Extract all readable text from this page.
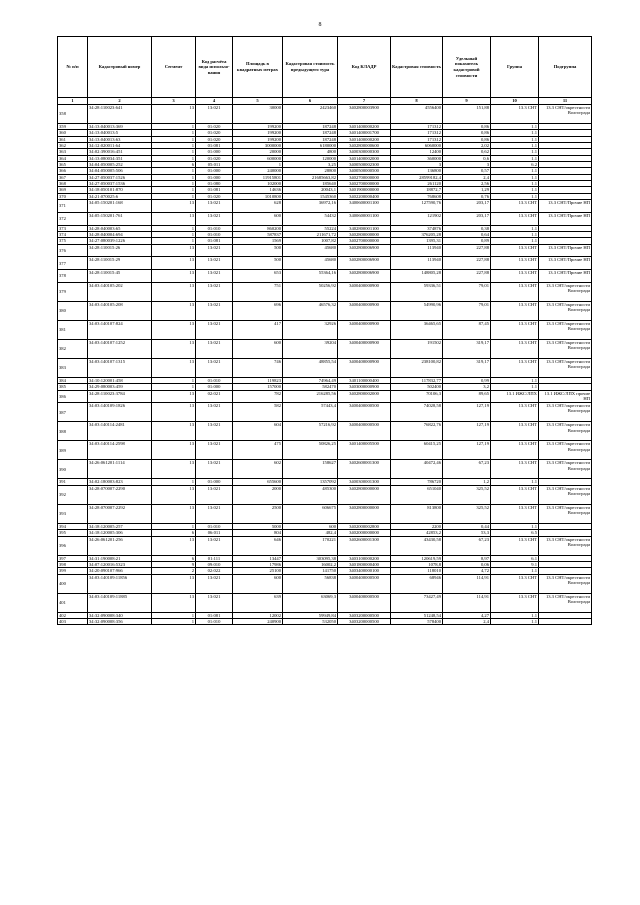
8
№ п/п	Кадастровый номер	Сегмент	Код расчёта вида использо-вания	Площадь в квадратных метрах	Кадастровая стоимость предыдущего тура	Код КЛАДР	Кадастровая стоимость	Удельный показатель кадастровой стоимости	Группа	Подгруппа
1	2	3	4	5	6	7	8	9	10	11
358	34:28:110023:641	13	13:021	30000	2423460	3402800003900	4556400	151,88	13.3 СНТ	13.3 СНТ/окрестности Волгограда
359	34:13:040013:369	1	01:020	199200	187248	3401400000200	171312	0,86	1.1	
360	34:13:040013:5	1	01:020	199200	187248	3401400001700	171312	0,86	1.1	
361	34:13:040013:63	1	01:020	199200	187248	3401400000200	171312	0,86	1.1	
362	34:12:020011:64	1	01:081	3000000	6180000	3402800000600	6060000	2,02	1.1	
363	34:02:390016:451	1	01:000	20000	4800	3400300000300	12400	0,62	1.1	
364	34:13:080034:351	1	01:020	600000	120000	3401400002000	360000	0,6	1.1	
365	34:04:050005:252	6	05:011	1	3,25	3400500002300	3	3	6.2	
366	34:04:050005:506	1	01:000	240000	28800	3400500000500	136800	0,57	1.1	
367	34:27:050037:1526	1	01:000	11915801	21685663,82	3402700000000	28599182,4	2,4	1.1	
368	34:27:050037:1536	1	01:080	102000	185640	3402700000000	261120	2,56	1.1	
369	34:18:050101:870	1	01:081	14636	20043,1	3401900000000	18872,7	1,29	1.1	
370	34:21:070025:6	1	01:020	1010800	1545360	3402200000400	768608	0,76	1.1	
371	34:05:150201:168	13	13:021	628	36972,16	3400600001100	127590,76	203,17	13.3 СНТ	13.3 СНТ/Прочие НП
372	34:05:150201:761	13	13:021	600	54432	3400600001100	121902	203,17	13.3 СНТ	13.3 СНТ/Прочие НП
373	34:28:040003:65	1	01:010	860200	55224	3402800001100	374876	0,38	1.1	
374	34:28:040004:694	1	01:010	587837	211671,72	3402800000000	376205,28	0,64	1.1	
375	34:27:080039:1226	1	01:081	1569	1007,82	3402700000000	1395,31	0,89	1.1	
376	34:28:110015:26	13	13:021	500	45680	3402800006900	113940	227,88	13.3 СНТ	13.3 СНТ/Прочие НП
377	34:28:110015:29	13	13:021	500	45680	3402800006900	113940	227,88	13.3 СНТ	13.3 СНТ/Прочие НП
378	34:28:110015:45	13	13:021	653	55364,16	3402800006900	148805,28	227,88	13.3 СНТ	13.3 СНТ/Прочие НП
379	34:03:140105:202	13	13:021	751	50256,92	3400400000900	59336,51	79,01	13.3 СНТ	13.3 СНТ/окрестности Волгограда
380	34:03:140105:208	13	13:021	696	46576,32	3400400000900	54990,96	79,01	13.3 СНТ	13.3 СНТ/окрестности Волгограда
381	34:03:140107:824	13	13:021	417	32926	3400400000900	36465,65	87,45	13.3 СНТ	13.3 СНТ/окрестности Волгограда
382	34:03:140107:1252	13	13:021	600	39204	3400400000900	191502	319,17	13.3 СНТ	13.3 СНТ/окрестности Волгограда
383	34:03:140107:1315	13	13:021	746	48855,54	3400400000900	238100,82	319,17	13.3 СНТ	13.3 СНТ/окрестности Волгограда
384	34:10:120001:458	1	01:010	119823	74964,49	3401100000400	117832,77	0,99	1.1	
385	34:29:080003:459	1	01:000	157000	582470	3403000000900	502400	3,2	1.1	
386	34:28:110023:3784	13	02:021	782	216285,56	3402800002000	70106,3	89,65	13.1 ИЖС/ЛПХ	13.1 ИЖС/ЛПХ прочие НП
387	34:03:140109:1826	13	13:021	582	57443,4	3400400000500	74028,58	127,19	13.3 СНТ	13.3 СНТ/окрестности Волгограда
388	34:03:140114:2481	13	13:021	604	57216,92	3400400000500	76822,76	127,19	13.3 СНТ	13.3 СНТ/окрестности Волгограда
389	34:03:140114:2598	13	13:021	475	50826,25	3401400005500	60415,25	127,19	13.3 СНТ	13.3 СНТ/окрестности Волгограда
390	34:26:061201:1114	13	13:021	602	158627	3402600001300	40472,46	67,23	13.3 СНТ	13.3 СНТ/окрестности Волгограда
391	34:02:180003:823	1	01:000	655600	1357092	3400300001300	786720	1,2	1.1	
392	34:28:070007:2290	13	13:021	2000	485300	3402800000000	651040	325,52	13.3 СНТ	13.3 СНТ/окрестности Волгограда
393	34:28:070007:2292	13	13:021	2500	606675	3402800000000	813800	325,52	13.3 СНТ	13.3 СНТ/окрестности Волгограда
394	34:18:120005:257	1	01:010	5000	600	3402000002800	2200	0,44	1.1	
395	34:18:120005:306	6	06:011	804	482,4	3402000000000	42853,2	53,3	6.5	
396	34:26:061201:256	13	13:021	646	170221	3402600001300	43430,58	67,23	13.3 СНТ	13.3 СНТ/окрестности Волгограда
397	34:31:190008:21	6	01:111	13447	303095,38	3403100000200	120619,59	8,97	6.1	
398	34:07:120016:5323	9	09:010	17986	16002,2	3401800000400	1078,8	0,06	9.1	
399	34:20:090107:966	2	02:022	25100	141750	3403400000100	118010	4,72	1.1	
400	34:03:140109:11856	13	13:021	600	56838	3400400000500	68946	114,91	13.3 СНТ	13.3 СНТ/окрестности Волгограда
401	34:03:140109:11885	13	13:021	639	63069,3	3400400000500	73427,49	114,91	13.3 СНТ	13.3 СНТ/окрестности Волгограда
402	34:32:090008:340	1	01:081	12002	59949,84	3403200000500	51248,54	4,27	1.1	
403	34:32:090008:356	1	01:010	240900	532050	3403200000500	578400	2,4	1.1	
